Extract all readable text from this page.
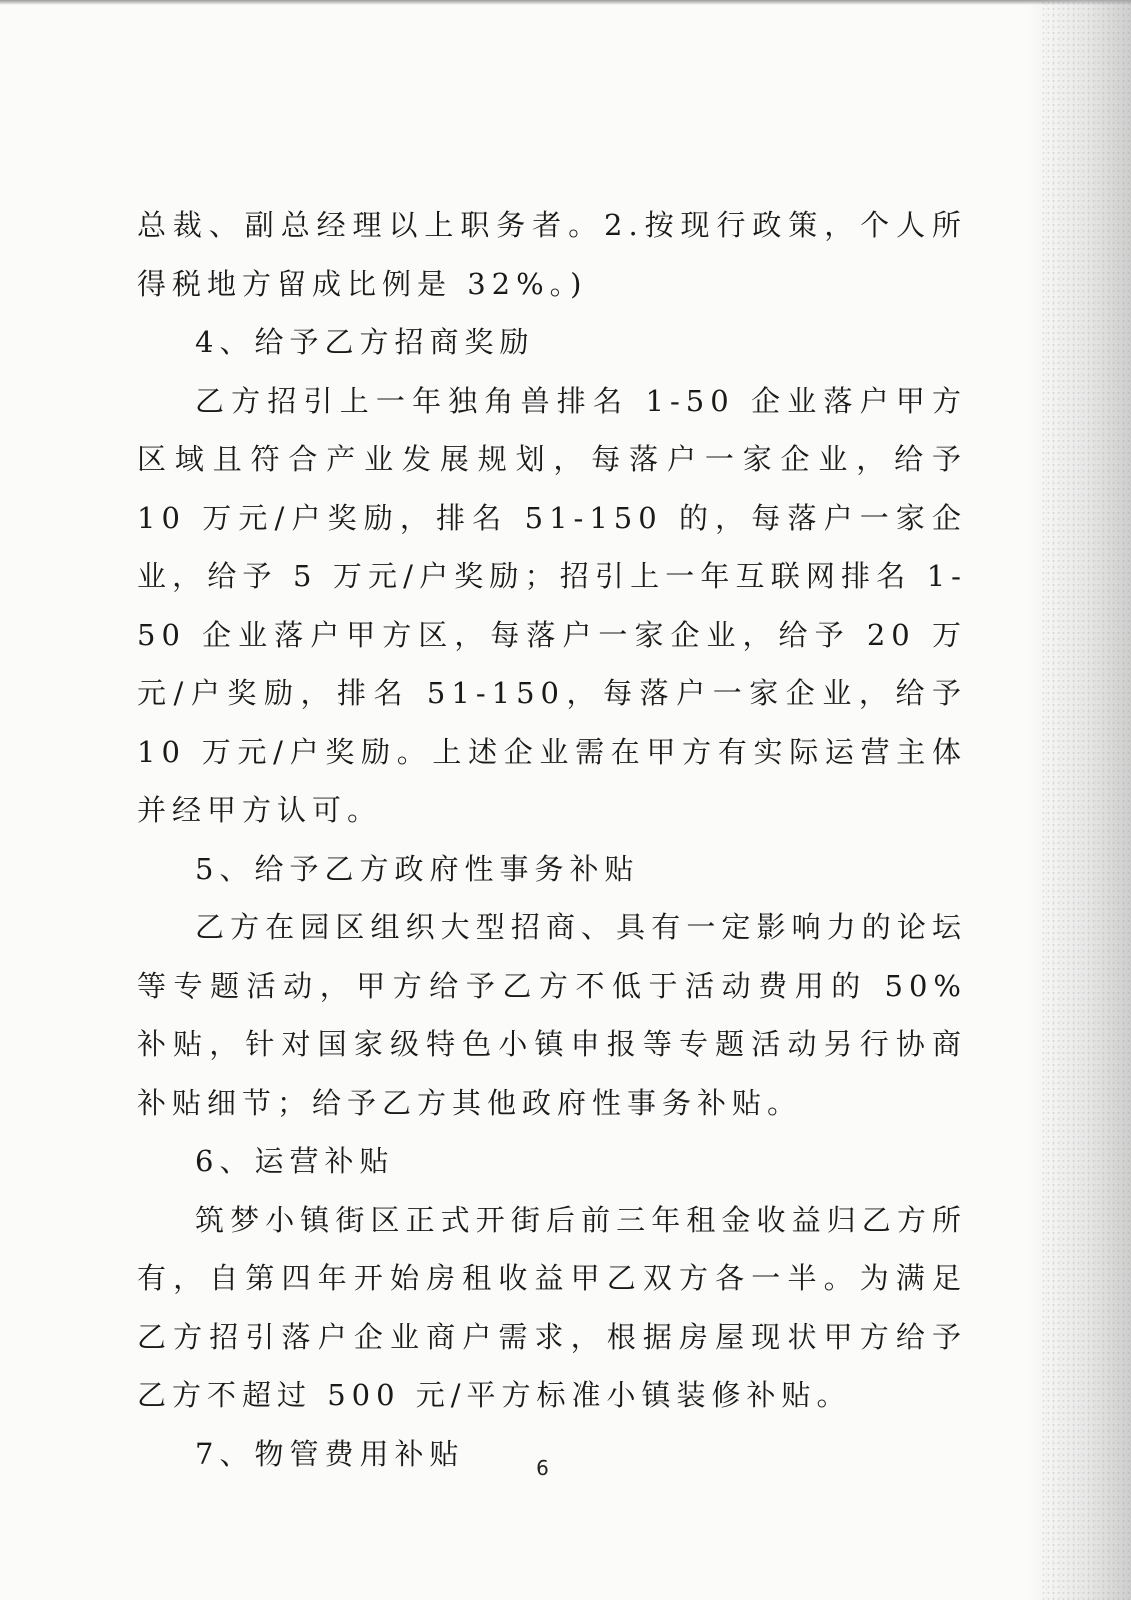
总裁、副总经理以上职务者。2.按现行政策，个人所得税地方留成比例是 32%。)

4、给予乙方招商奖励

乙方招引上一年独角兽排名 1-50 企业落户甲方区域且符合产业发展规划，每落户一家企业，给予 10 万元/户奖励，排名 51-150 的，每落户一家企业，给予 5 万元/户奖励；招引上一年互联网排名 1-50 企业落户甲方区，每落户一家企业，给予 20 万元/户奖励，排名 51-150，每落户一家企业，给予 10 万元/户奖励。上述企业需在甲方有实际运营主体并经甲方认可。

5、给予乙方政府性事务补贴

乙方在园区组织大型招商、具有一定影响力的论坛等专题活动，甲方给予乙方不低于活动费用的 50%补贴，针对国家级特色小镇申报等专题活动另行协商补贴细节；给予乙方其他政府性事务补贴。

6、运营补贴

筑梦小镇街区正式开街后前三年租金收益归乙方所有，自第四年开始房租收益甲乙双方各一半。为满足乙方招引落户企业商户需求，根据房屋现状甲方给予乙方不超过 500 元/平方标准小镇装修补贴。

7、物管费用补贴	6
